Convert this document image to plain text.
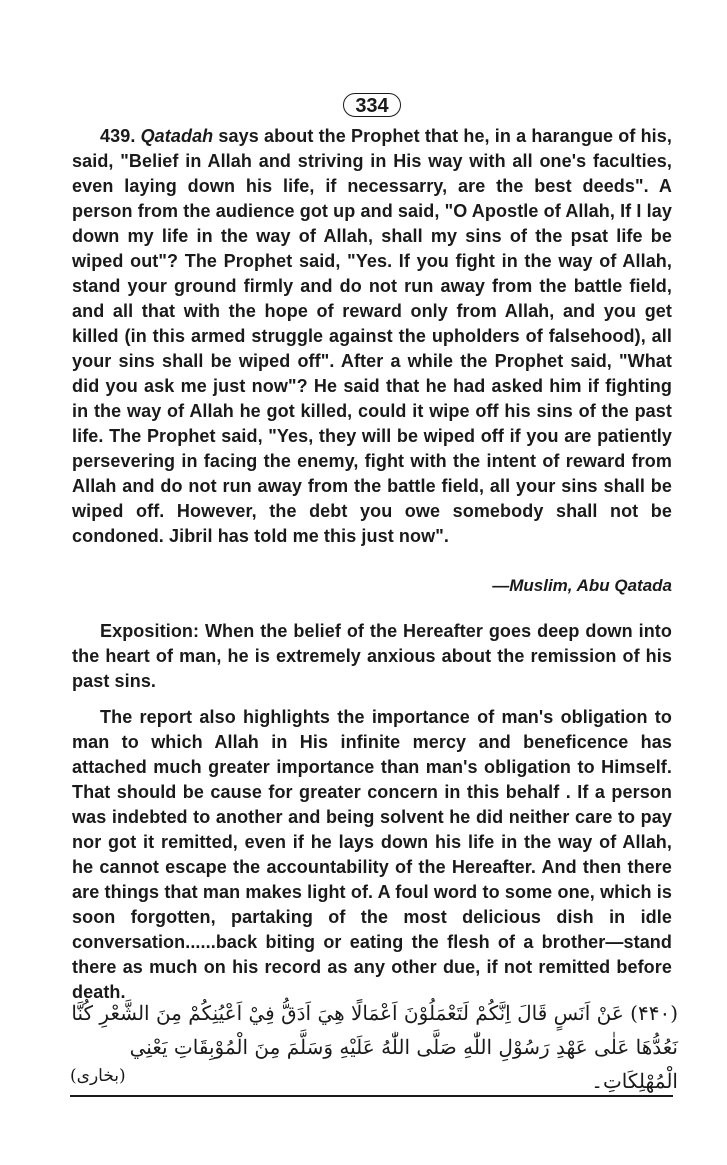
334
439. Qatadah says about the Prophet that he, in a harangue of his, said, "Belief in Allah and striving in His way with all one's faculties, even laying down his life, if necessarry, are the best deeds". A person from the audience got up and said, "O Apostle of Allah, If I lay down my life in the way of Allah, shall my sins of the psat life be wiped out"? The Prophet said, "Yes. If you fight in the way of Allah, stand your ground firmly and do not run away from the battle field, and all that with the hope of reward only from Allah, and you get killed (in this armed struggle against the upholders of falsehood), all your sins shall be wiped off". After a while the Prophet said, "What did you ask me just now"? He said that he had asked him if fighting in the way of Allah he got killed, could it wipe off his sins of the past life. The Prophet said, "Yes, they will be wiped off if you are patiently persevering in facing the enemy, fight with the intent of reward from Allah and do not run away from the battle field, all your sins shall be wiped off. However, the debt you owe somebody shall not be condoned. Jibril has told me this just now".
—Muslim, Abu Qatada
Exposition: When the belief of the Hereafter goes deep down into the heart of man, he is extremely anxious about the remission of his past sins.
The report also highlights the importance of man's obligation to man to which Allah in His infinite mercy and beneficence has attached much greater importance than man's obligation to Himself. That should be cause for greater concern in this behalf . If a person was indebted to another and being solvent he did neither care to pay nor got it remitted, even if he lays down his life in the way of Allah, he cannot escape the accountability of the Hereafter. And then there are things that man makes light of. A foul word to some one, which is soon forgotten, partaking of the most delicious dish in idle conversation......back biting or eating the flesh of a brother—stand there as much on his record as any other due, if not remitted before death.
(۴۴۰) عَنْ اَنَسٍ قَالَ اِنَّكُمْ لَتَعْمَلُوْنَ اَعْمَالًا هِيَ اَدَقُّ فِيْ اَعْيُنِكُمْ مِنَ الشَّعْرِ كُنَّا
نَعُدُّهَا عَلٰى عَهْدِ رَسُوْلِ اللّٰهِ صَلَّى اللّٰهُ عَلَيْهِ وَسَلَّمَ مِنَ الْمُوْبِقَاتِ يَعْنِي الْمُهْلِكَاتِ۔
(بخاری)
